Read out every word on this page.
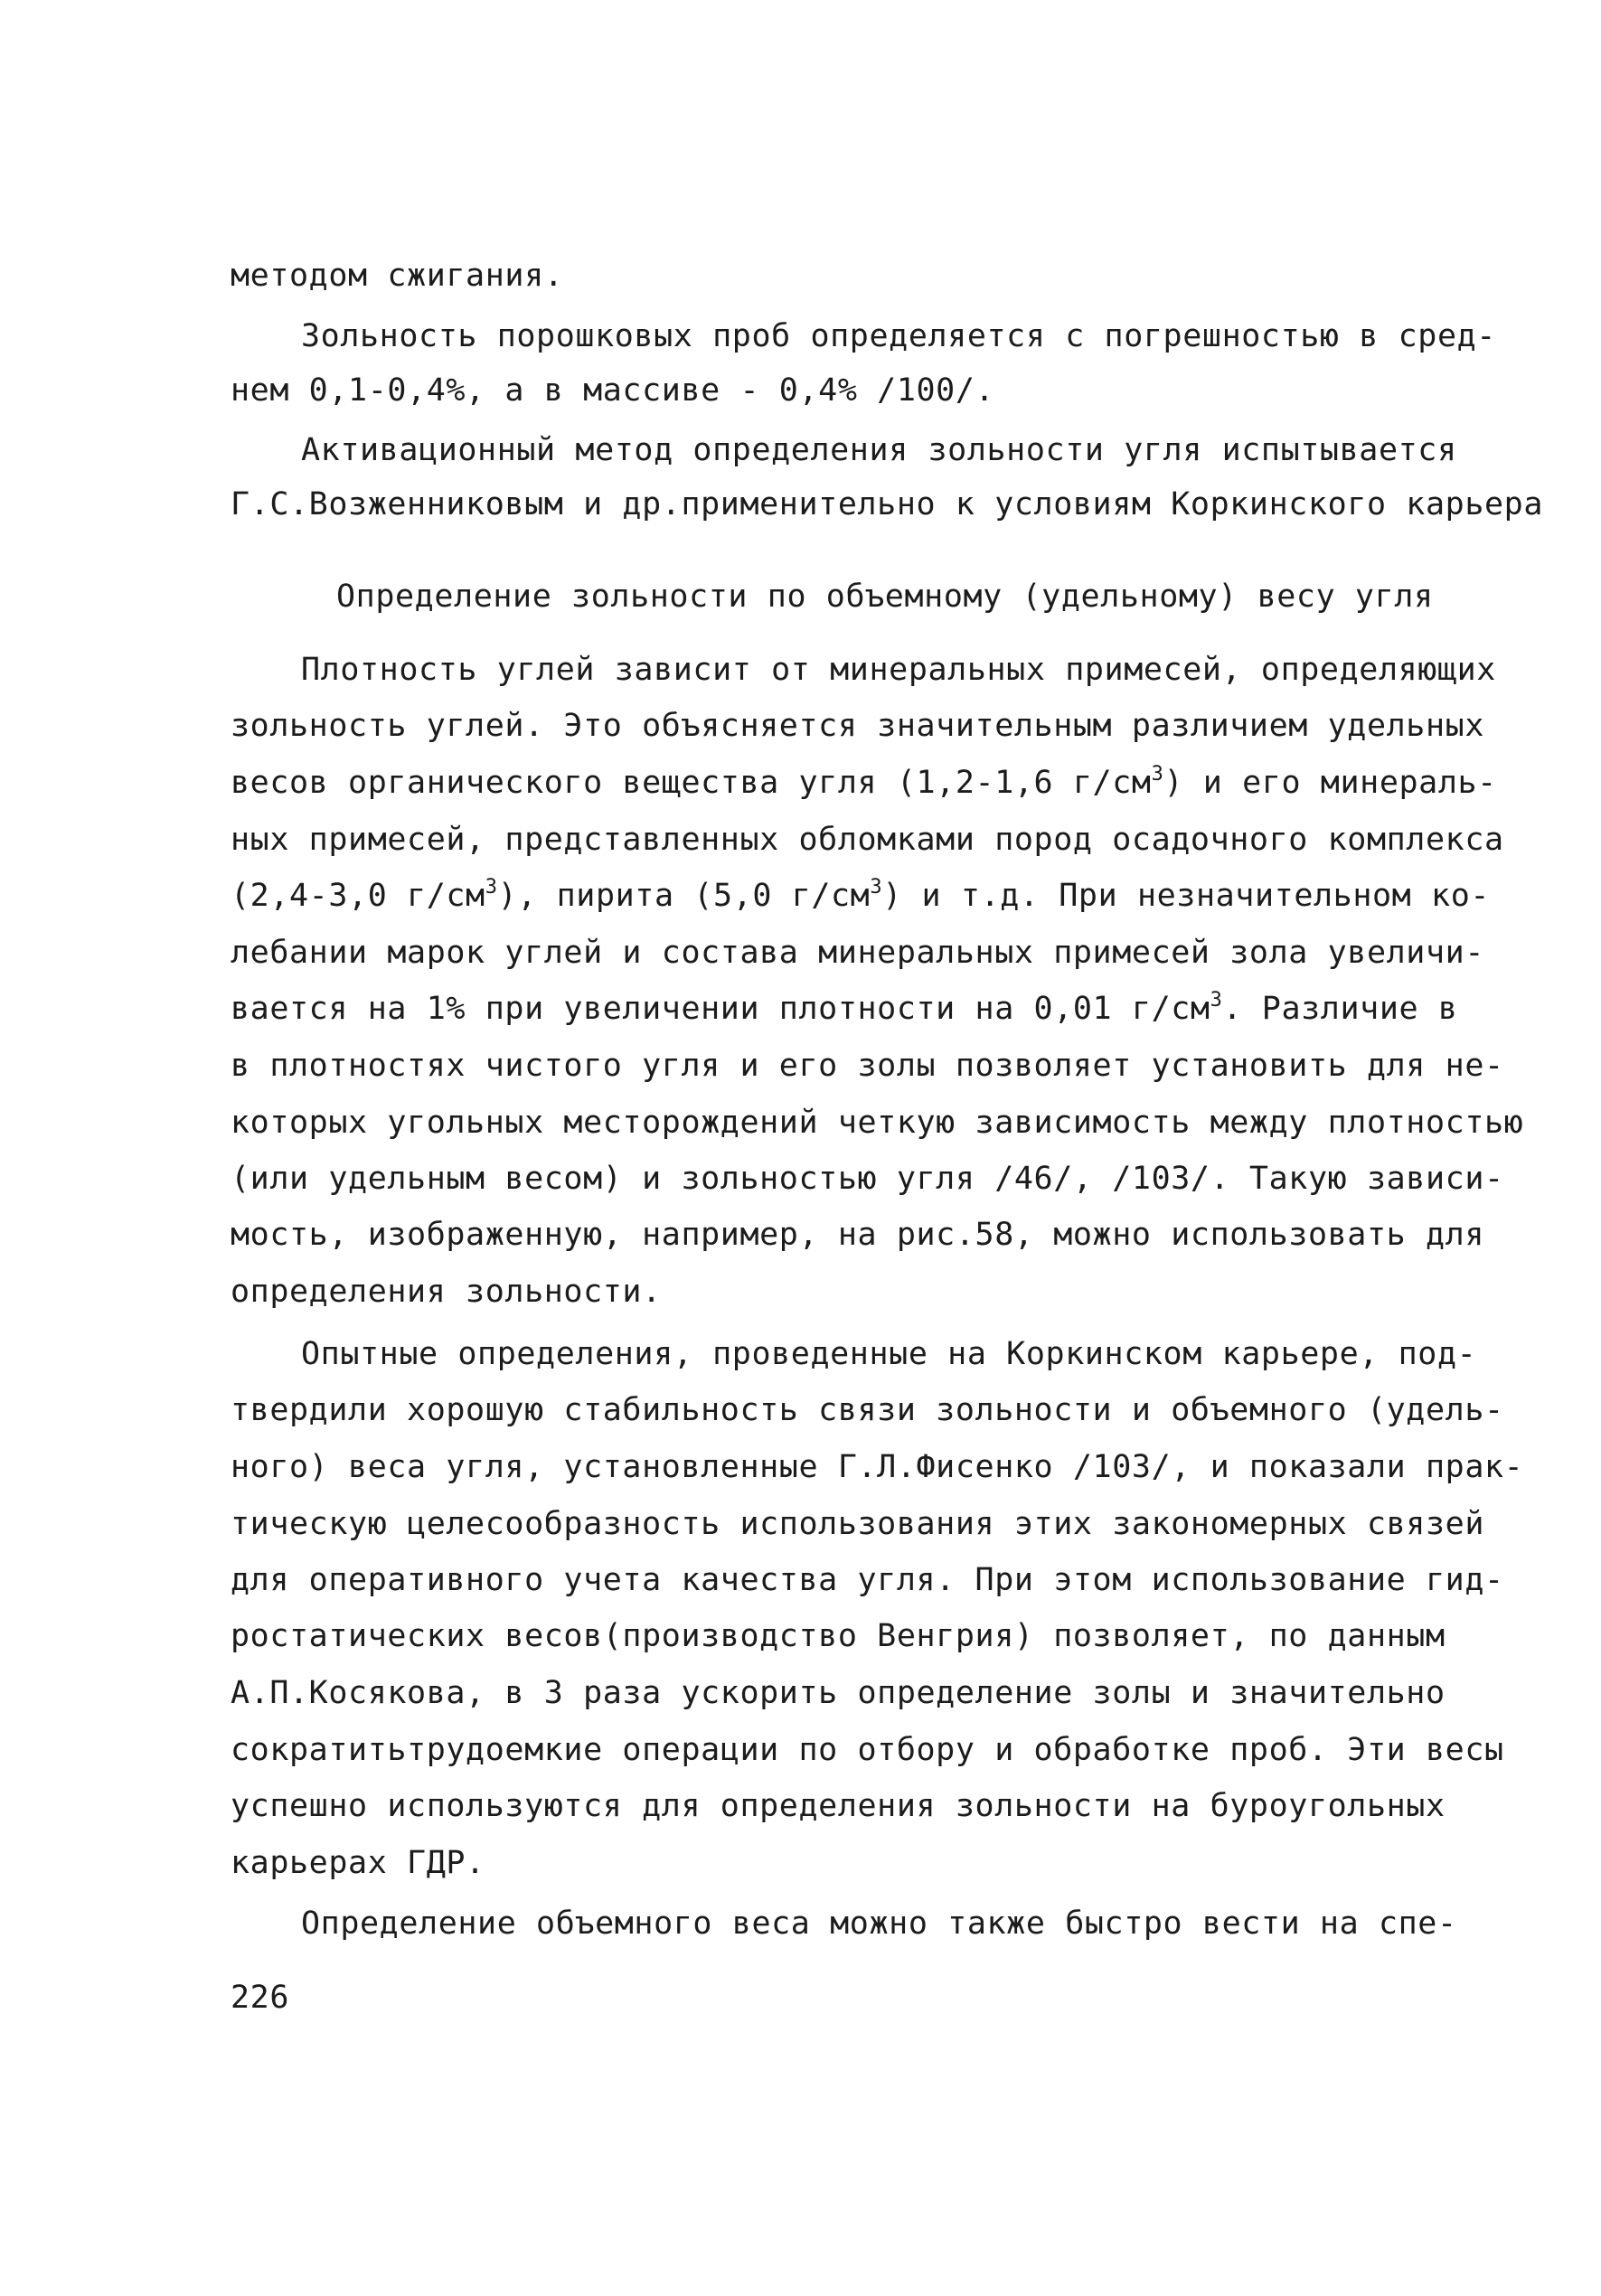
методом сжигания.
Зольность порошковых проб определяется с погрешностью в сред-
нем 0,1-0,4%, а в массиве - 0,4% /100/.
Активационный метод определения зольности угля испытывается
Г.С.Возженниковым и др.применительно к условиям Коркинского карьера
Определение зольности по объемному (удельному) весу угля
Плотность углей зависит от минеральных примесей, определяющих
зольность углей. Это объясняется значительным различием удельных
весов органического вещества угля (1,2-1,6 $г/см^3$) и его минераль-
ных примесей, представленных обломками пород осадочного комплекса
(2,4-3,0 $г/см^3$), пирита (5,0 $г/см^3$) и т.д. При незначительном ко-
лебании марок углей и состава минеральных примесей зола увеличи-
вается на 1% при увеличении плотности на 0,01 $г/см^3$. Различие в
в плотностях чистого угля и его золы позволяет установить для не-
которых угольных месторождений четкую зависимость между плотностью
(или удельным весом) и зольностью угля /46/, /103/. Такую зависи-
мость, изображенную, например, на рис.58, можно использовать для
определения зольности.
Опытные определения, проведенные на Коркинском карьере, под-
твердили хорошую стабильность связи зольности и объемного (удель-
ного) веса угля, установленные Г.Л.Фисенко /103/, и показали прак-
тическую целесообразность использования этих закономерных связей
для оперативного учета качества угля. При этом использование гид-
ростатических весов(производство Венгрия) позволяет, по данным
А.П.Косякова, в 3 раза ускорить определение золы и значительно
сократитьтрудоемкие операции по отбору и обработке проб. Эти весы
успешно используются для определения зольности на буроугольных
карьерах ГДР.
Определение объемного веса можно также быстро вести на спе-
226
